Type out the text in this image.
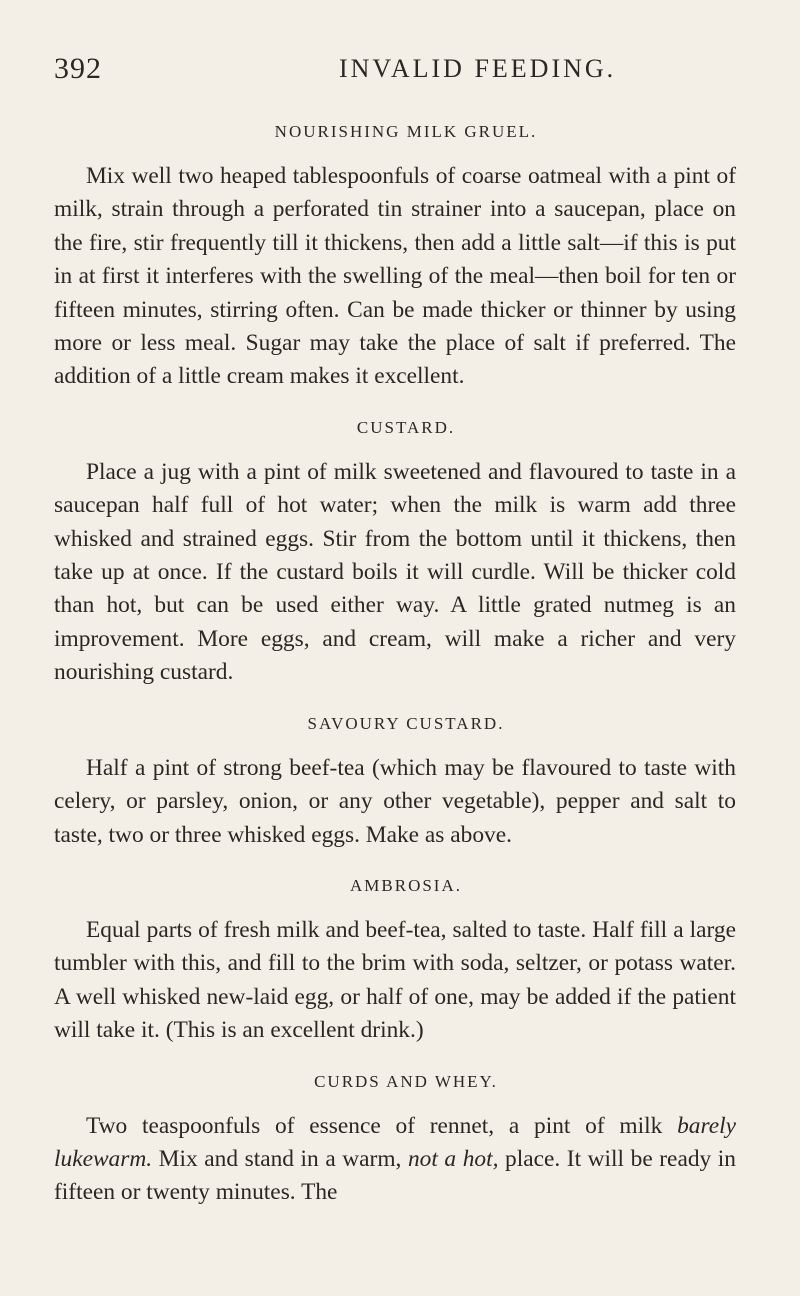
392	INVALID FEEDING.
NOURISHING MILK GRUEL.

Mix well two heaped tablespoonfuls of coarse oatmeal with a pint of milk, strain through a perforated tin strainer into a saucepan, place on the fire, stir frequently till it thickens, then add a little salt—if this is put in at first it interferes with the swelling of the meal—then boil for ten or fifteen minutes, stirring often. Can be made thicker or thinner by using more or less meal. Sugar may take the place of salt if preferred. The addition of a little cream makes it excellent.

CUSTARD.

Place a jug with a pint of milk sweetened and flavoured to taste in a saucepan half full of hot water; when the milk is warm add three whisked and strained eggs. Stir from the bottom until it thickens, then take up at once. If the custard boils it will curdle. Will be thicker cold than hot, but can be used either way. A little grated nutmeg is an improvement. More eggs, and cream, will make a richer and very nourishing custard.

SAVOURY CUSTARD.

Half a pint of strong beef-tea (which may be flavoured to taste with celery, or parsley, onion, or any other vegetable), pepper and salt to taste, two or three whisked eggs. Make as above.

AMBROSIA.

Equal parts of fresh milk and beef-tea, salted to taste. Half fill a large tumbler with this, and fill to the brim with soda, seltzer, or potass water. A well whisked new-laid egg, or half of one, may be added if the patient will take it. (This is an excellent drink.)

CURDS AND WHEY.

Two teaspoonfuls of essence of rennet, a pint of milk barely lukewarm. Mix and stand in a warm, not a hot, place. It will be ready in fifteen or twenty minutes. The
